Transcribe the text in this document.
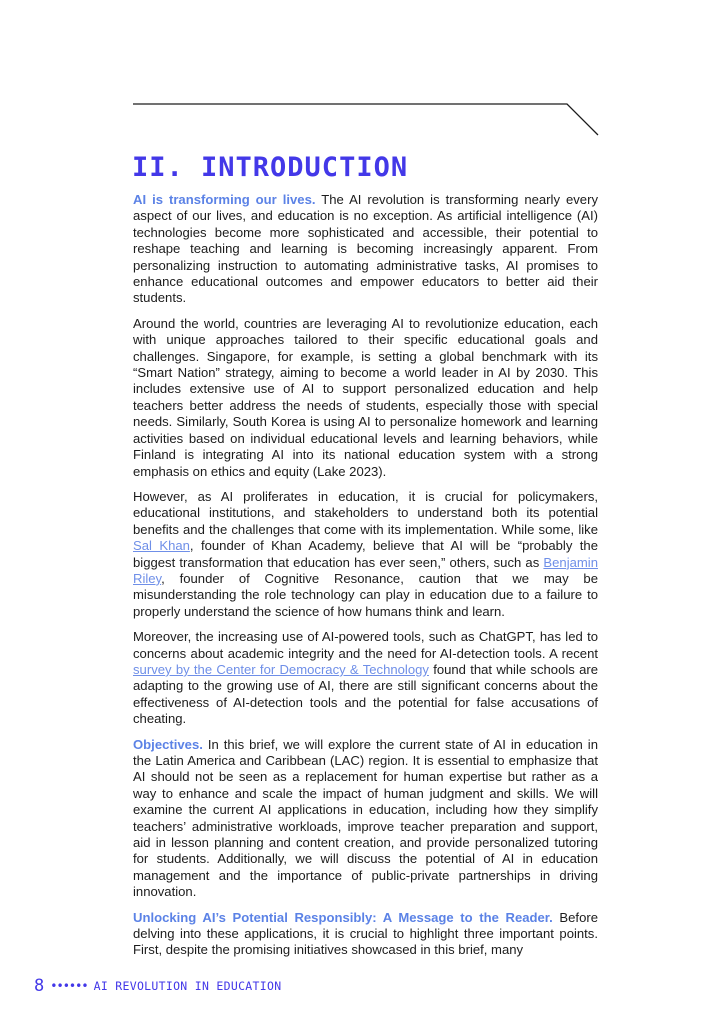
II. INTRODUCTION

AI is transforming our lives. The AI revolution is transforming nearly every aspect of our lives, and education is no exception. As artificial intelligence (AI) technologies become more sophisticated and accessible, their potential to reshape teaching and learning is becoming increasingly apparent. From personalizing instruction to automating administrative tasks, AI promises to enhance educational outcomes and empower educators to better aid their students.

Around the world, countries are leveraging AI to revolutionize education, each with unique approaches tailored to their specific educational goals and challenges. Singapore, for example, is setting a global benchmark with its “Smart Nation” strategy, aiming to become a world leader in AI by 2030. This includes extensive use of AI to support personalized education and help teachers better address the needs of students, especially those with special needs. Similarly, South Korea is using AI to personalize homework and learning activities based on individual educational levels and learning behaviors, while Finland is integrating AI into its national education system with a strong emphasis on ethics and equity (Lake 2023).

However, as AI proliferates in education, it is crucial for policymakers, educational institutions, and stakeholders to understand both its potential benefits and the challenges that come with its implementation. While some, like Sal Khan, founder of Khan Academy, believe that AI will be “probably the biggest transformation that education has ever seen,” others, such as Benjamin Riley, founder of Cognitive Resonance, caution that we may be misunderstanding the role technology can play in education due to a failure to properly understand the science of how humans think and learn.

Moreover, the increasing use of AI-powered tools, such as ChatGPT, has led to concerns about academic integrity and the need for AI-detection tools. A recent survey by the Center for Democracy & Technology found that while schools are adapting to the growing use of AI, there are still significant concerns about the effectiveness of AI-detection tools and the potential for false accusations of cheating.

Objectives. In this brief, we will explore the current state of AI in education in the Latin America and Caribbean (LAC) region. It is essential to emphasize that AI should not be seen as a replacement for human expertise but rather as a way to enhance and scale the impact of human judgment and skills. We will examine the current AI applications in education, including how they simplify teachers’ administrative workloads, improve teacher preparation and support, aid in lesson planning and content creation, and provide personalized tutoring for students. Additionally, we will discuss the potential of AI in education management and the importance of public-private partnerships in driving innovation.

Unlocking AI’s Potential Responsibly: A Message to the Reader. Before delving into these applications, it is crucial to highlight three important points. First, despite the promising initiatives showcased in this brief, many

8 •••••• AI REVOLUTION IN EDUCATION
